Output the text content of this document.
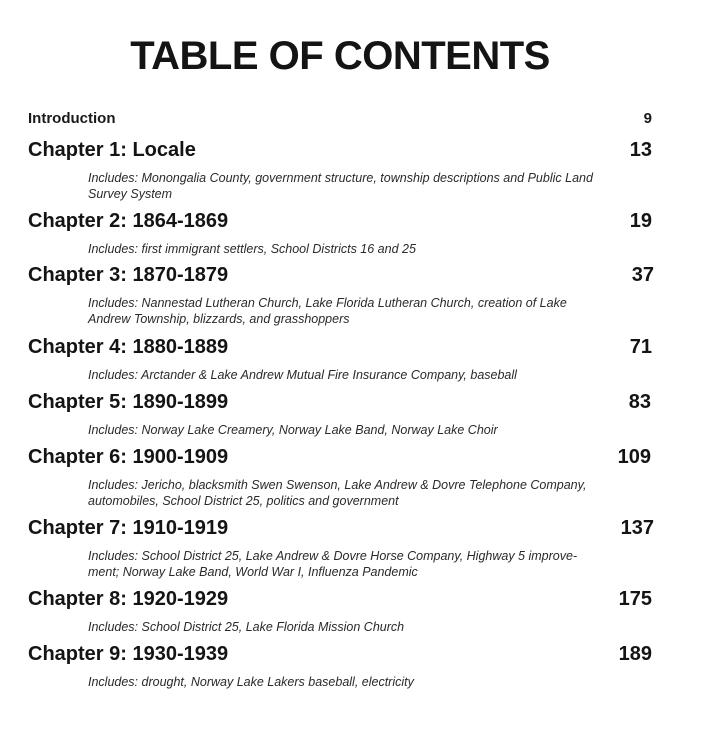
TABLE OF CONTENTS
Introduction	9
Chapter 1: Locale	13
Includes: Monongalia County, government structure, township descriptions and Public Land Survey System
Chapter 2: 1864-1869	19
Includes: first immigrant settlers, School Districts 16 and 25
Chapter 3: 1870-1879	37
Includes: Nannestad Lutheran Church, Lake Florida Lutheran Church, creation of Lake Andrew Township, blizzards, and grasshoppers
Chapter 4: 1880-1889	71
Includes: Arctander & Lake Andrew Mutual Fire Insurance Company, baseball
Chapter 5: 1890-1899	83
Includes: Norway Lake Creamery, Norway Lake Band, Norway Lake Choir
Chapter 6: 1900-1909	109
Includes: Jericho, blacksmith Swen Swenson, Lake Andrew & Dovre Telephone Company, automobiles, School District 25, politics and government
Chapter 7: 1910-1919	137
Includes: School District 25, Lake Andrew & Dovre Horse Company, Highway 5 improve-ment; Norway Lake Band, World War I, Influenza Pandemic
Chapter 8: 1920-1929	175
Includes: School District 25, Lake Florida Mission Church
Chapter 9: 1930-1939	189
Includes: drought, Norway Lake Lakers baseball, electricity
